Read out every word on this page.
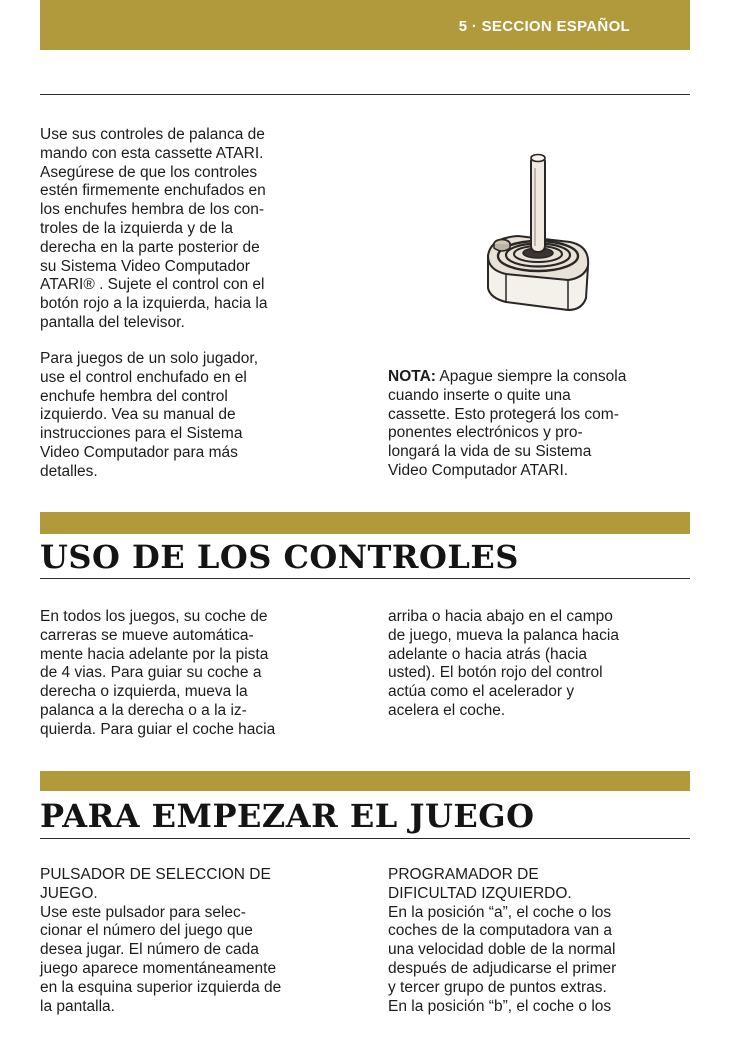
5 · SECCION ESPAÑOL
Use sus controles de palanca de
mando con esta cassette ATARI.
Asegúrese de que los controles
estén firmemente enchufados en
los enchufes hembra de los con-
troles de la izquierda y de la
derecha en la parte posterior de
su Sistema Video Computador
ATARI® . Sujete el control con el
botón rojo a la izquierda, hacia la
pantalla del televisor.
Para juegos de un solo jugador,
use el control enchufado en el
enchufe hembra del control
izquierdo. Vea su manual de
instrucciones para el Sistema
Video Computador para más
detalles.
NOTA: Apague siempre la consola
cuando inserte o quite una
cassette. Esto protegerá los com-
ponentes electrónicos y pro-
longará la vida de su Sistema
Video Computador ATARI.
USO DE LOS CONTROLES
En todos los juegos, su coche de
carreras se mueve automática-
mente hacia adelante por la pista
de 4 vias. Para guiar su coche a
derecha o izquierda, mueva la
palanca a la derecha o a la iz-
quierda. Para guiar el coche hacia
arriba o hacia abajo en el campo
de juego, mueva la palanca hacia
adelante o hacia atrás (hacia
usted). El botón rojo del control
actúa como el acelerador y
acelera el coche.
PARA EMPEZAR EL JUEGO
PULSADOR DE SELECCION DE
JUEGO.
Use este pulsador para selec-
cionar el número del juego que
desea jugar. El número de cada
juego aparece momentáneamente
en la esquina superior izquierda de
la pantalla.
PROGRAMADOR DE
DIFICULTAD IZQUIERDO.
En la posición “a”, el coche o los
coches de la computadora van a
una velocidad doble de la normal
después de adjudicarse el primer
y tercer grupo de puntos extras.
En la posición “b”, el coche o los
